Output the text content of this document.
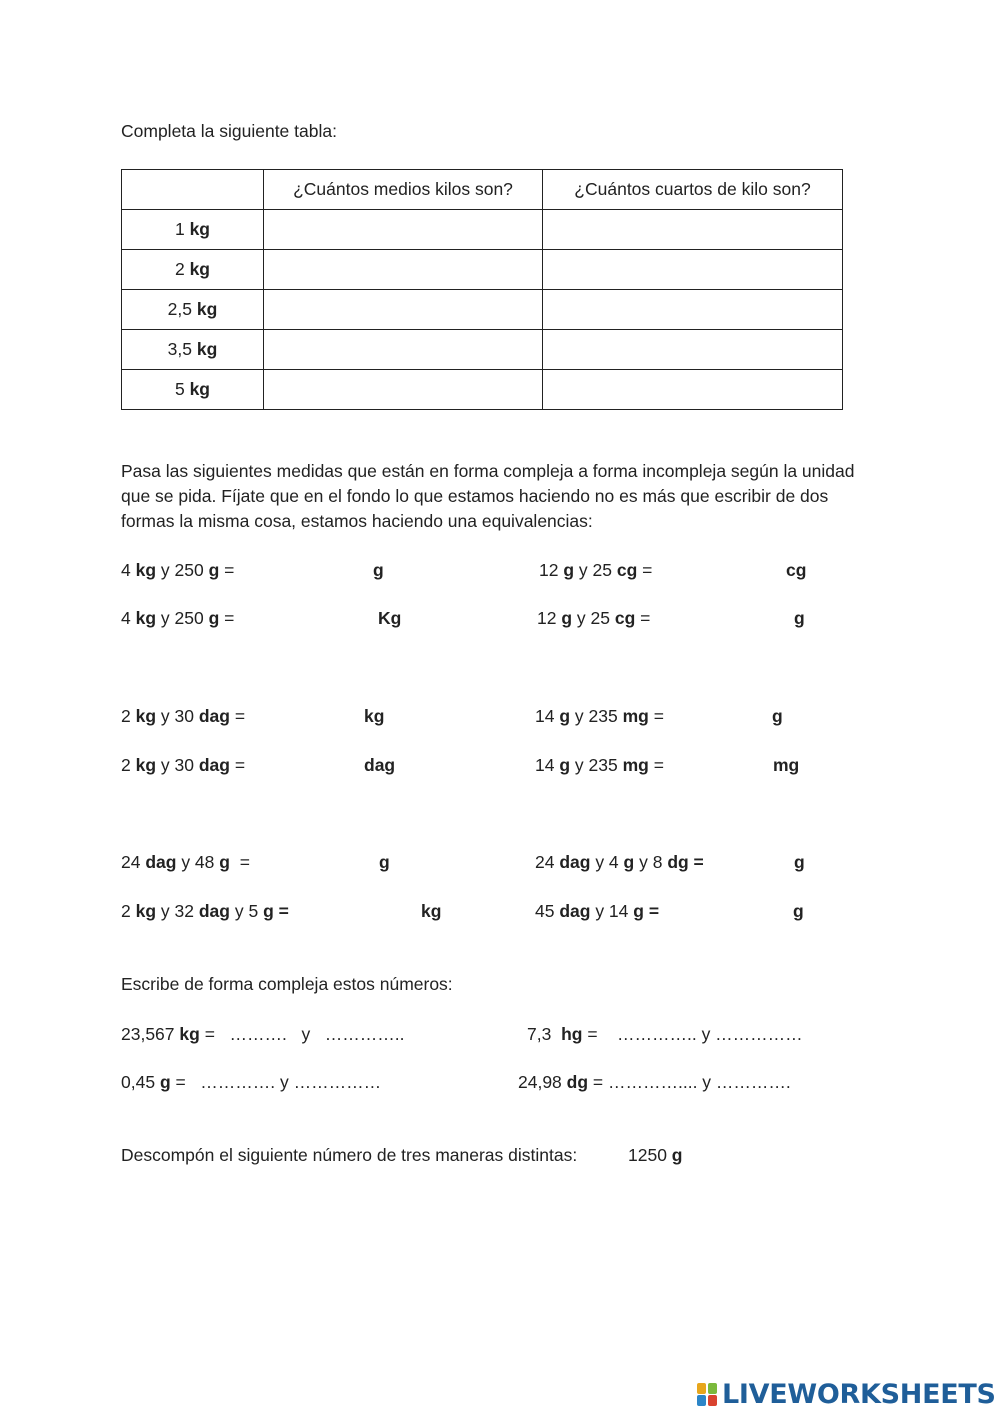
Completa la siguiente tabla:
	¿Cuántos medios kilos son?	¿Cuántos cuartos de kilo son?
1 kg		
2 kg		
2,5 kg		
3,5 kg		
5 kg		
Pasa las siguientes medidas que están en forma compleja a forma incompleja según la unidad que se pida. Fíjate que en el fondo lo que estamos haciendo no es más que escribir de dos formas la misma cosa, estamos haciendo una equivalencias:
4 kg y 250 g =	g	12 g y 25 cg =	cg
4 kg y 250 g =	Kg	12 g y 25 cg =	g
2 kg y 30 dag =	kg	14 g y 235 mg =	g
2 kg y 30 dag =	dag	14 g y 235 mg =	mg
24 dag y 48 g  =	g	24 dag y 4 g y 8 dg =	g
2 kg y 32 dag y 5 g =	kg	45 dag y 14 g =	g
Escribe de forma compleja estos números:
23,567 kg =   ……….   y   …………..	7,3  hg =    ………….. y ……………
0,45 g =   …………. y ……………	24,98 dg = ………….... y ………….
Descompón el siguiente número de tres maneras distintas:	1250 g
LIVEWORKSHEETS
